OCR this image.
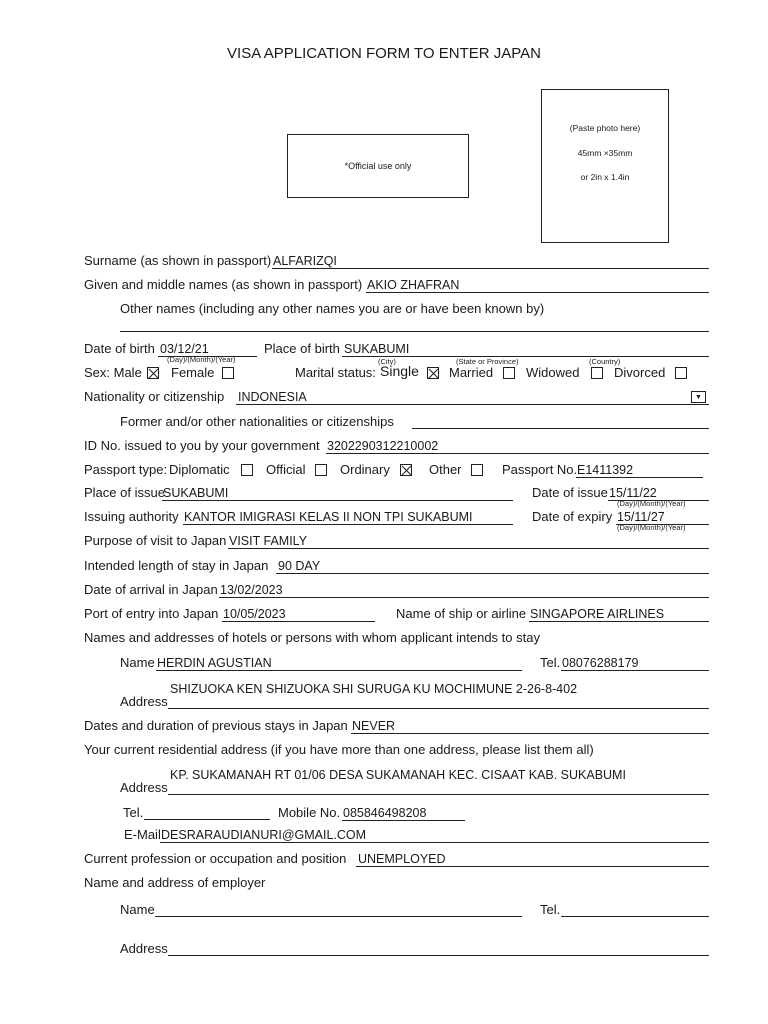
VISA APPLICATION FORM TO ENTER JAPAN
*Official use only
(Paste photo here)
45mm ×35mm
or 2in x 1.4in
Surname (as shown in passport) ALFARIZQI
Given and middle names (as shown in passport) AKIO ZHAFRAN
Other names (including any other names you are or have been known by)
Date of birth 03/12/21
(Day)/(Month)/(Year)
Place of birth SUKABUMI
(City)	(State or Province)	(Country)
Sex: Male Female	Marital status: Single Married	Widowed	Divorced
Nationality or citizenship INDONESIA	▼
Former and/or other nationalities or citizenships
ID No. issued to you by your government 3202290312210002
Passport type: Diplomatic	Official	Ordinary	Other	Passport No. E1411392
Place of issue
SUKABUMI	Date of issue 15/11/22
(Day)/(Month)/(Year)
Issuing authority KANTOR IMIGRASI KELAS II NON TPI SUKABUMI	Date of expiry 15/11/27
(Day)/(Month)/(Year)
Purpose of visit to Japan VISIT FAMILY
Intended length of stay in Japan 90 DAY
Date of arrival in Japan 13/02/2023
Port of entry into Japan 10/05/2023	Name of ship or airline SINGAPORE AIRLINES
Names and addresses of hotels or persons with whom applicant intends to stay
Name HERDIN AGUSTIAN	Tel. 08076288179
SHIZUOKA KEN SHIZUOKA SHI SURUGA KU MOCHIMUNE 2-26-8-402
Address
Dates and duration of previous stays in Japan NEVER
Your current residential address (if you have more than one address, please list them all)
KP. SUKAMANAH RT 01/06 DESA SUKAMANAH KEC. CISAAT KAB. SUKABUMI
Address
Tel.	Mobile No. 085846498208
E-Mail DESRARAUDIANURI@GMAIL.COM
Current profession or occupation and position UNEMPLOYED
Name and address of employer
Name	Tel.
Address
